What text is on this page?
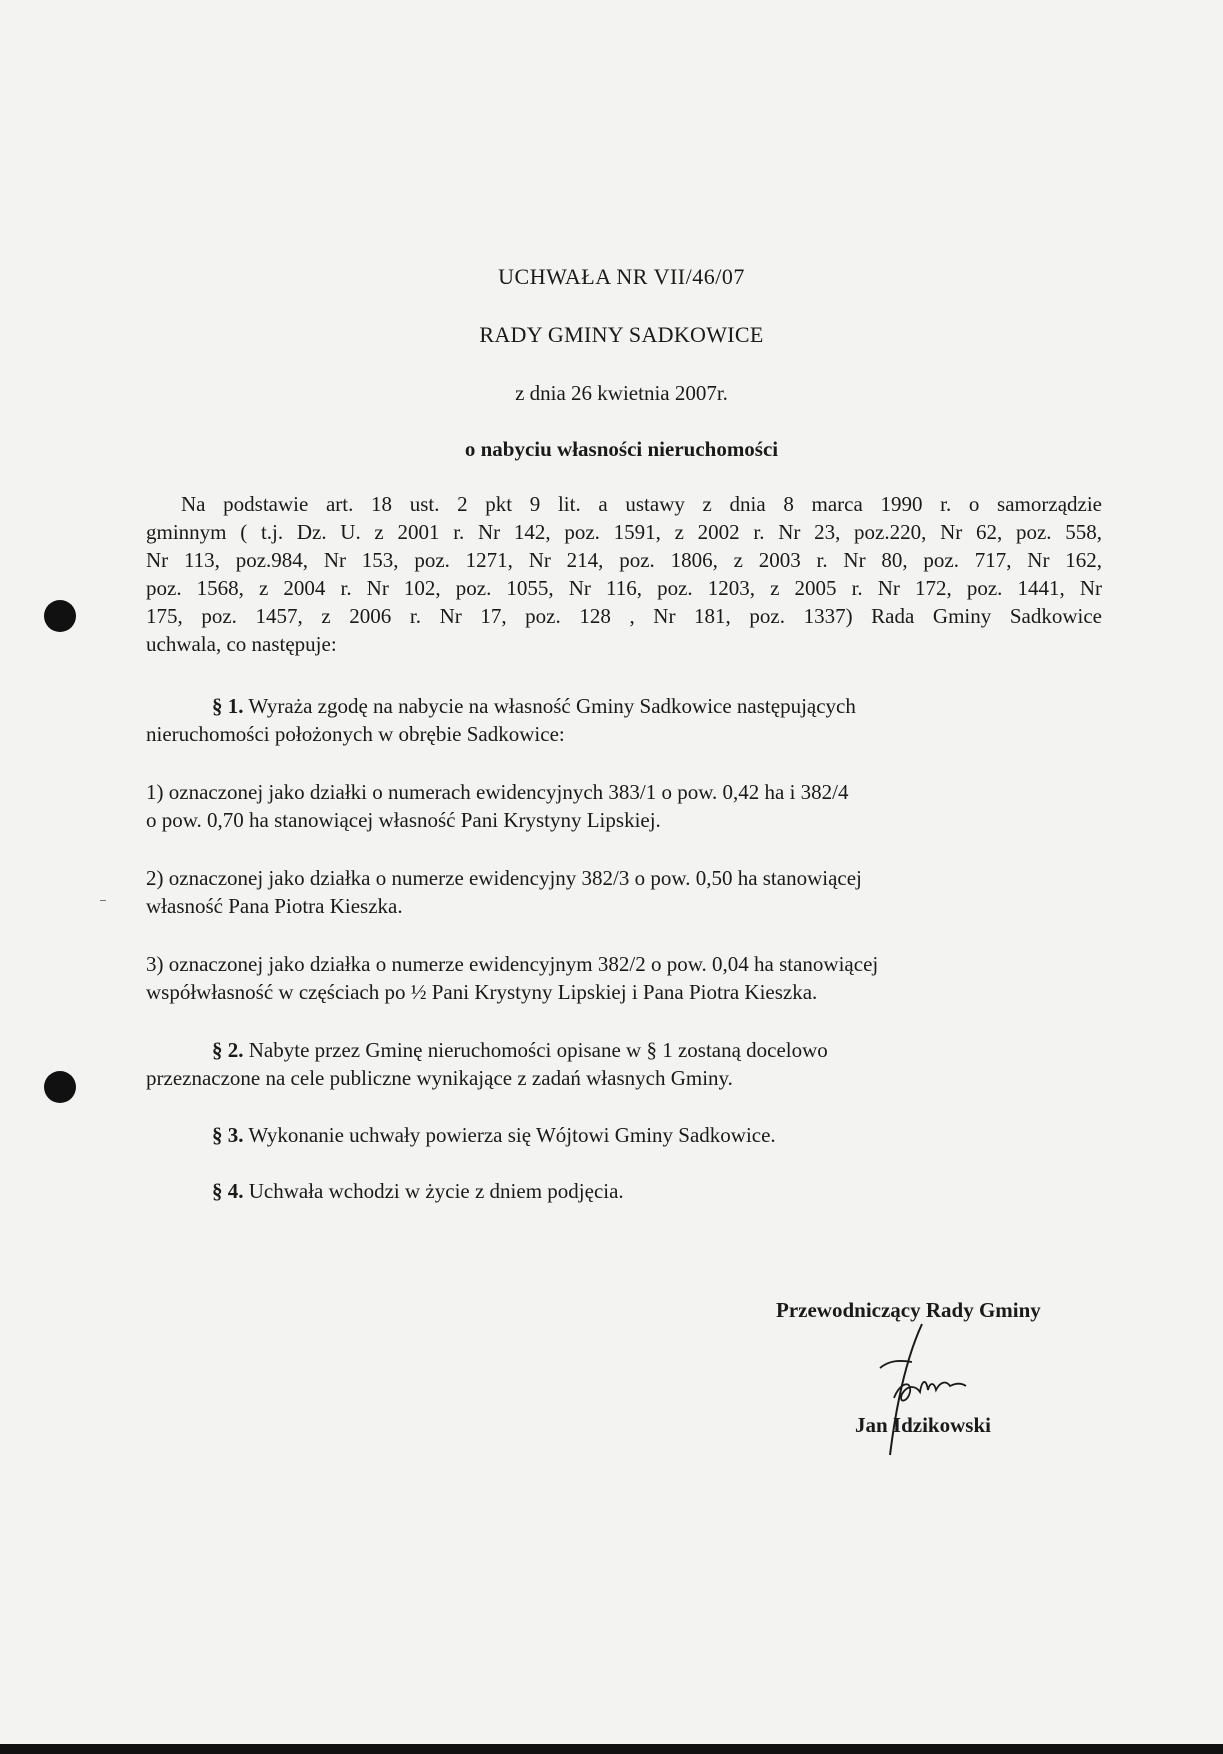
UCHWAŁA NR VII/46/07
RADY GMINY SADKOWICE
z dnia 26 kwietnia 2007r.
o nabyciu własności nieruchomości
Na podstawie art. 18 ust. 2 pkt 9 lit. a ustawy z dnia 8 marca 1990 r. o samorządzie
gminnym ( t.j. Dz. U. z 2001 r. Nr 142, poz. 1591, z 2002 r. Nr 23, poz.220, Nr 62, poz. 558,
Nr 113, poz.984, Nr 153, poz. 1271, Nr 214, poz. 1806, z 2003 r. Nr 80, poz. 717, Nr 162,
poz. 1568, z 2004 r. Nr 102, poz. 1055, Nr 116, poz. 1203, z 2005 r. Nr 172, poz. 1441, Nr
175, poz. 1457, z 2006 r. Nr 17, poz. 128 , Nr 181, poz. 1337) Rada Gminy Sadkowice
uchwala, co następuje:
§ 1. Wyraża zgodę na nabycie na własność Gminy Sadkowice następujących
nieruchomości położonych w obrębie Sadkowice:
1) oznaczonej jako działki o numerach ewidencyjnych 383/1 o pow. 0,42 ha i 382/4
o pow. 0,70 ha stanowiącej własność Pani Krystyny Lipskiej.
2) oznaczonej jako działka o numerze ewidencyjny 382/3 o pow. 0,50 ha stanowiącej
własność Pana Piotra Kieszka.
3) oznaczonej jako działka o numerze ewidencyjnym 382/2 o pow. 0,04 ha stanowiącej
współwłasność w częściach po ½ Pani Krystyny Lipskiej i Pana Piotra Kieszka.
§ 2. Nabyte przez Gminę nieruchomości opisane w § 1 zostaną docelowo
przeznaczone na cele publiczne wynikające z zadań własnych Gminy.
§ 3. Wykonanie uchwały powierza się Wójtowi Gminy Sadkowice.
§ 4. Uchwała wchodzi w życie z dniem podjęcia.
Przewodniczący Rady Gminy
Jan Idzikowski
